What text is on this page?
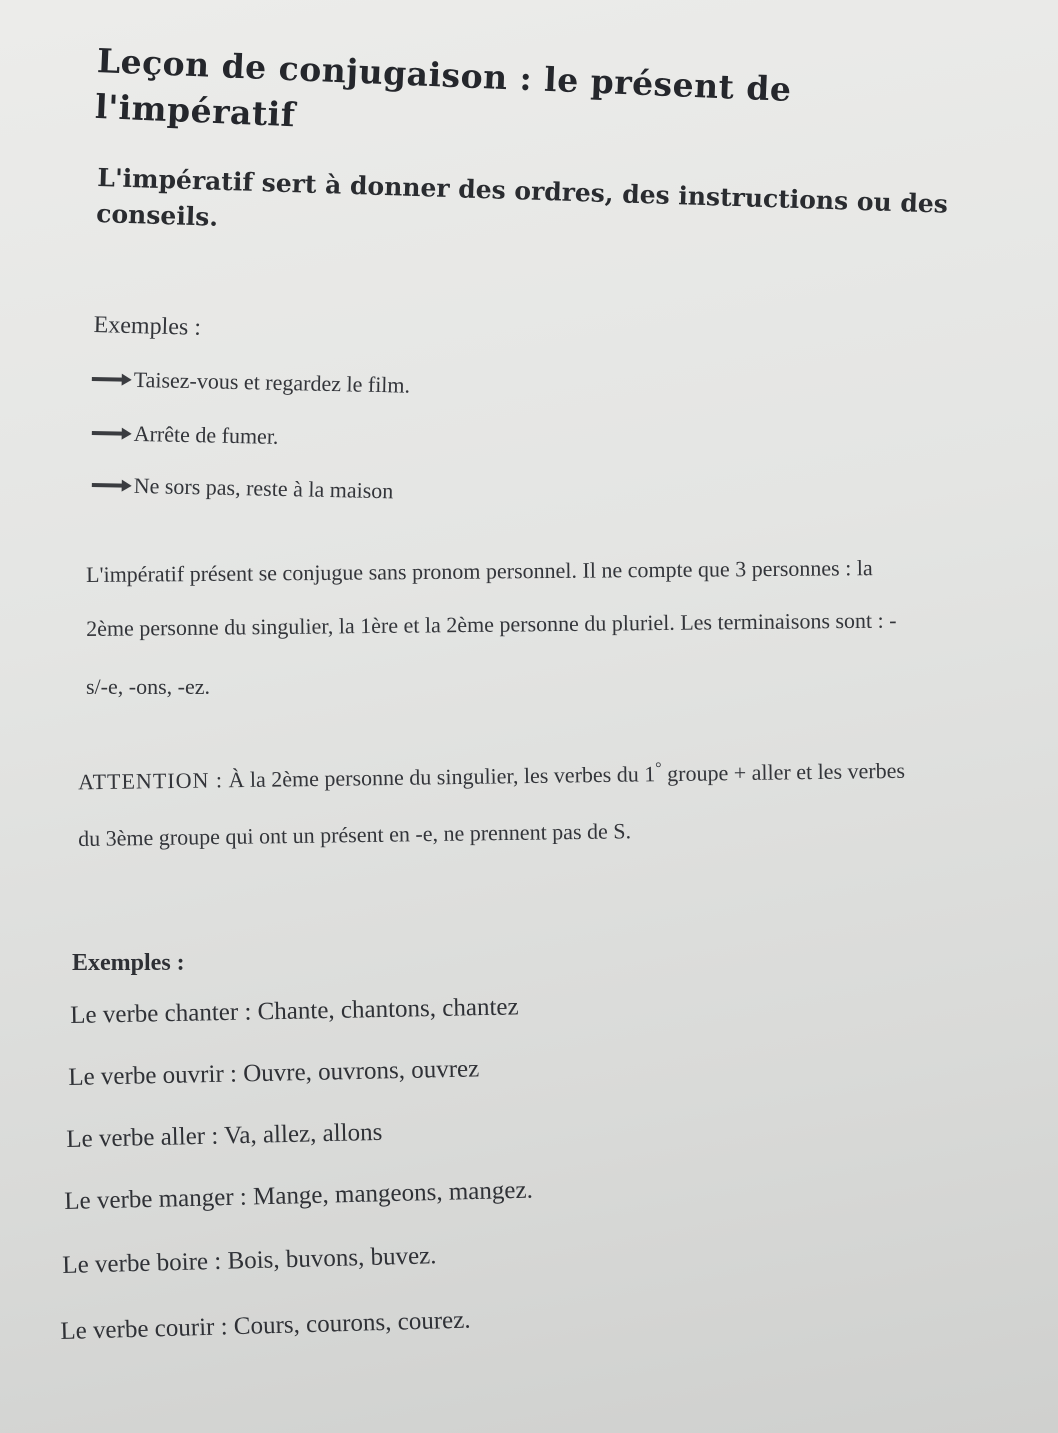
Leçon de conjugaison : le présent de l'impératif
L'impératif sert à donner des ordres, des instructions ou des conseils.
Exemples :
Taisez-vous et regardez le film.
Arrête de fumer.
Ne sors pas, reste à la maison
L'impératif présent se conjugue sans pronom personnel. Il ne compte que 3 personnes : la
2ème personne du singulier, la 1ère et la 2ème personne du pluriel. Les terminaisons sont : -
s/-e, -ons, -ez.
ATTENTION : À la 2ème personne du singulier, les verbes du 1° groupe + aller et les verbes
du 3ème groupe qui ont un présent en -e, ne prennent pas de S.
Exemples :
Le verbe chanter : Chante, chantons, chantez
Le verbe ouvrir : Ouvre, ouvrons, ouvrez
Le verbe aller : Va, allez, allons
Le verbe manger : Mange, mangeons, mangez.
Le verbe boire : Bois, buvons, buvez.
Le verbe courir : Cours, courons, courez.
